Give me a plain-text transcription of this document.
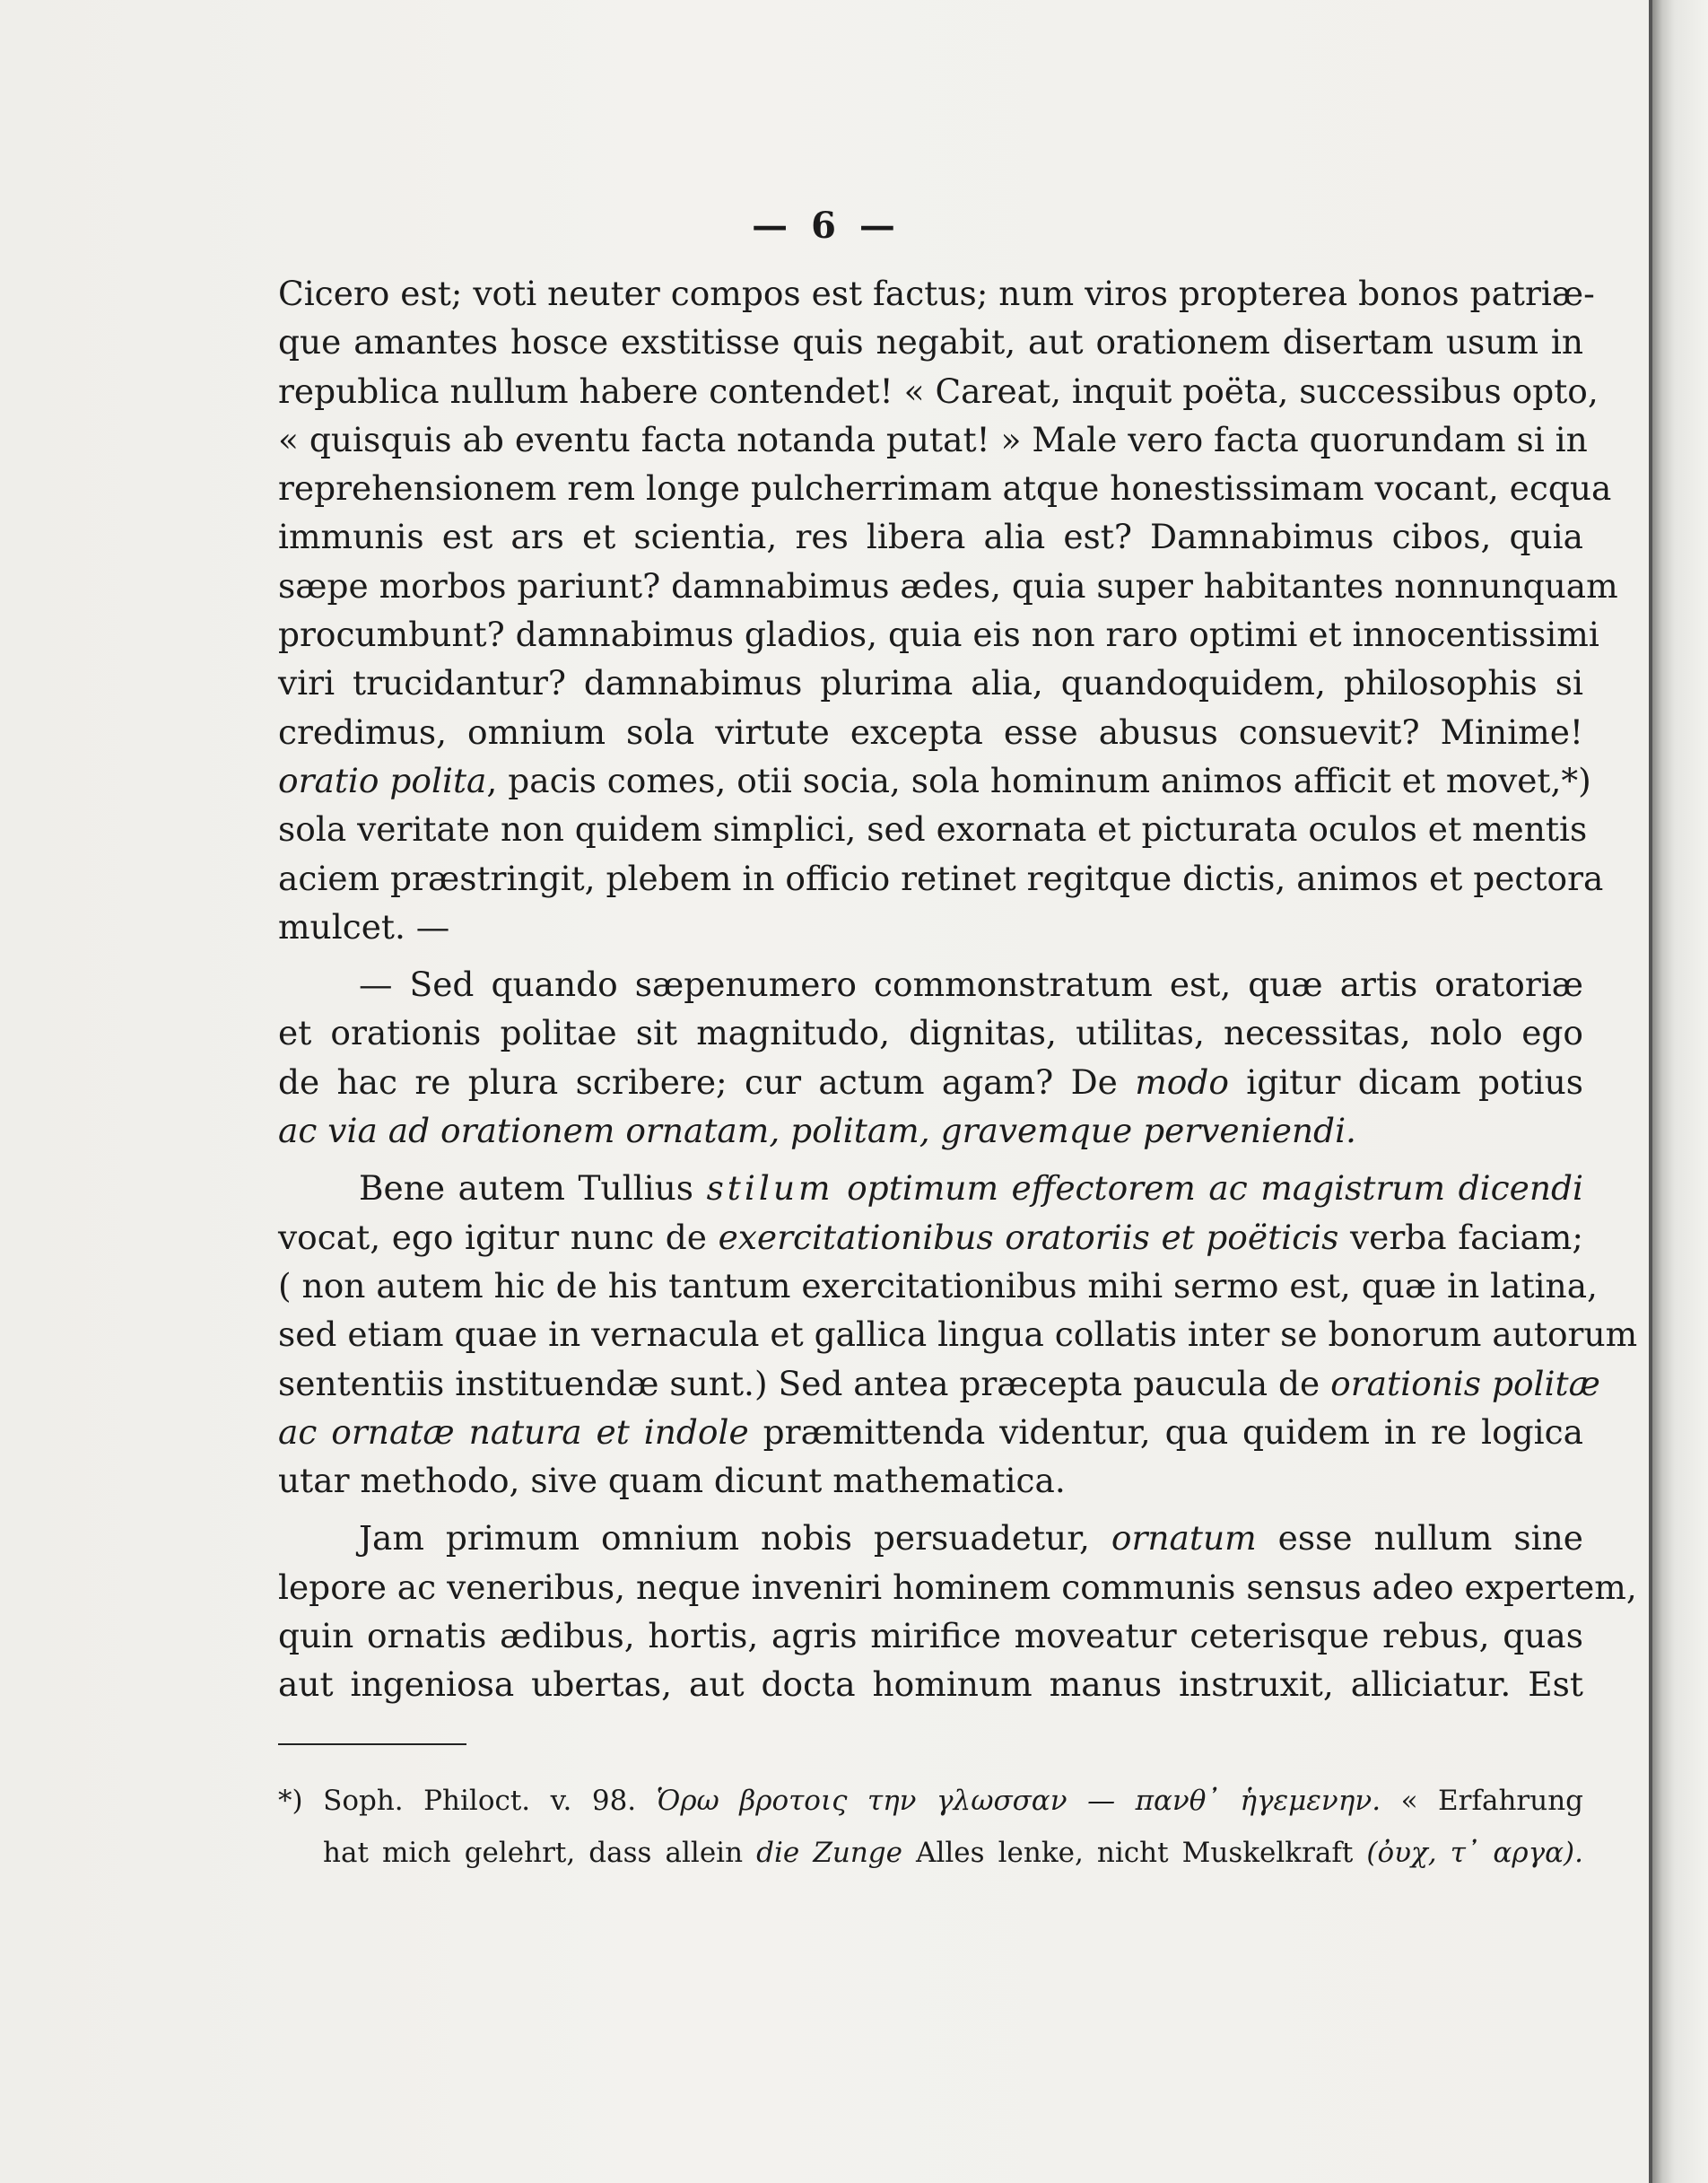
— 6 —
Cicero est; voti neuter compos est factus; num viros propterea bonos patriæ-
que amantes hosce exstitisse quis negabit, aut orationem disertam usum in
republica nullum habere contendet! « Careat, inquit poëta, successibus opto,
« quisquis ab eventu facta notanda putat! » Male vero facta quorundam si in
reprehensionem rem longe pulcherrimam atque honestissimam vocant, ecqua
immunis est ars et scientia, res libera alia est? Damnabimus cibos, quia
sæpe morbos pariunt? damnabimus ædes, quia super habitantes nonnunquam
procumbunt? damnabimus gladios, quia eis non raro optimi et innocentissimi
viri trucidantur? damnabimus plurima alia, quandoquidem, philosophis si
credimus, omnium sola virtute excepta esse abusus consuevit? Minime!
oratio polita, pacis comes, otii socia, sola hominum animos afficit et movet,*)
sola veritate non quidem simplici, sed exornata et picturata oculos et mentis
aciem præstringit, plebem in officio retinet regitque dictis, animos et pectora
mulcet. —
— Sed quando sæpenumero commonstratum est, quæ artis oratoriæ
et orationis politae sit magnitudo, dignitas, utilitas, necessitas, nolo ego
de hac re plura scribere; cur actum agam? De modo igitur dicam potius
ac via ad orationem ornatam, politam, gravemque perveniendi.
Bene autem Tullius stilum optimum effectorem ac magistrum dicendi
vocat, ego igitur nunc de exercitationibus oratoriis et poëticis verba faciam;
( non autem hic de his tantum exercitationibus mihi sermo est, quæ in latina,
sed etiam quae in vernacula et gallica lingua collatis inter se bonorum autorum
sententiis instituendæ sunt.) Sed antea præcepta paucula de orationis politæ
ac ornatæ natura et indole præmittenda videntur, qua quidem in re logica
utar methodo, sive quam dicunt mathematica.
Jam primum omnium nobis persuadetur, ornatum esse nullum sine
lepore ac veneribus, neque inveniri hominem communis sensus adeo expertem,
quin ornatis ædibus, hortis, agris mirifice moveatur ceterisque rebus, quas
aut ingeniosa ubertas, aut docta hominum manus instruxit, alliciatur. Est
*) Soph. Philoct. v. 98. Ὁρω βροτοις την γλωσσαν — πανθ᾽ ἡγεμενην. « Erfahrung
hat mich gelehrt, dass allein die Zunge Alles lenke, nicht Muskelkraft (ὀυχ, τ᾽ αργα).
